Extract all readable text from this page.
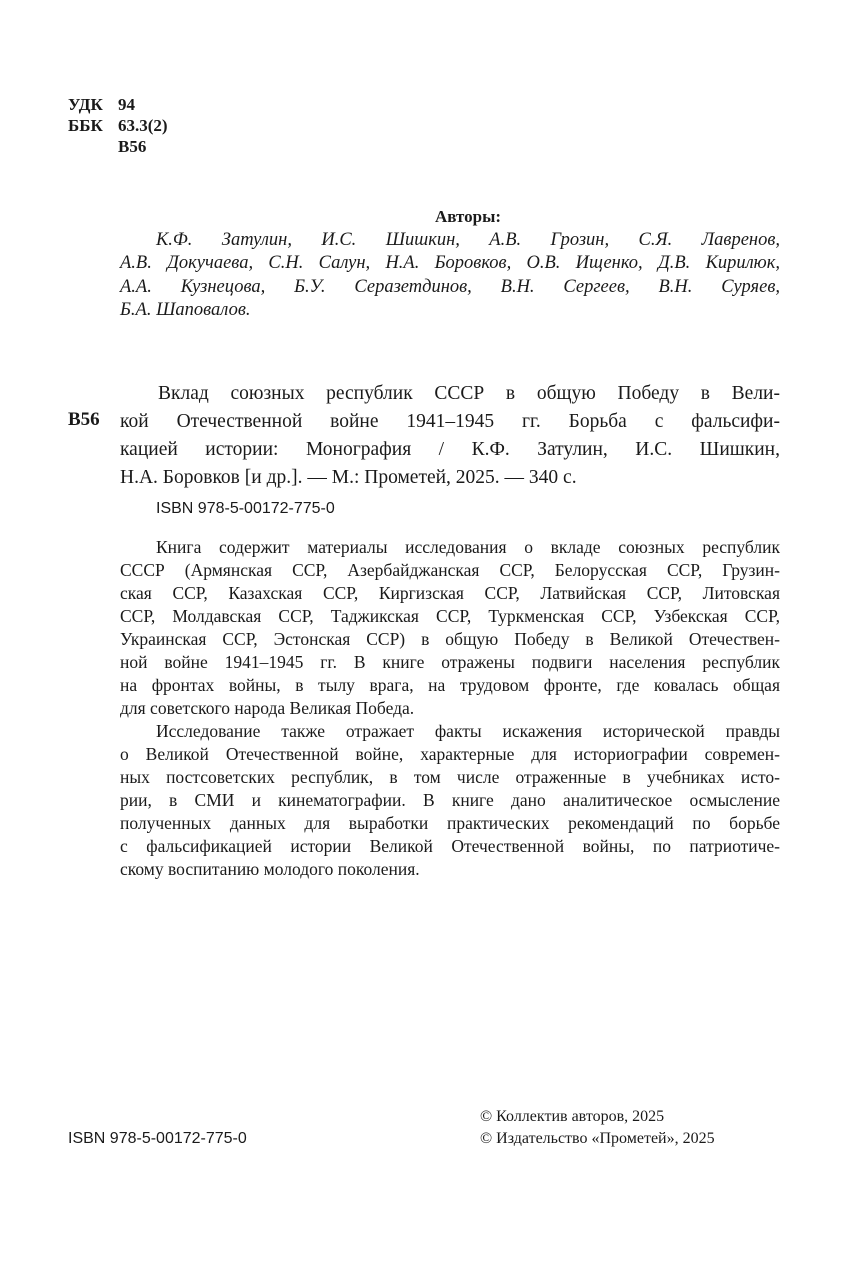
УДК 94
ББК 63.3(2)
В56
Авторы:
К.Ф. Затулин, И.С. Шишкин, А.В. Грозин, С.Я. Лавренов,
А.В. Докучаева, С.Н. Салун, Н.А. Боровков, О.В. Ищенко, Д.В. Кирилюк,
А.А. Кузнецова, Б.У. Серазетдинов, В.Н. Сергеев, В.Н. Суряев,
Б.А. Шаповалов.
В56
Вклад союзных республик СССР в общую Победу в Вели-
кой Отечественной войне 1941–1945 гг. Борьба с фальсифи-
кацией истории: Монография / К.Ф. Затулин, И.С. Шишкин,
Н.А. Боровков [и др.]. — М.: Прометей, 2025. — 340 с.
ISBN 978-5-00172-775-0
Книга содержит материалы исследования о вкладе союзных республик
СССР (Армянская ССР, Азербайджанская ССР, Белорусская ССР, Грузин-
ская ССР, Казахская ССР, Киргизская ССР, Латвийская ССР, Литовская
ССР, Молдавская ССР, Таджикская ССР, Туркменская ССР, Узбекская ССР,
Украинская ССР, Эстонская ССР) в общую Победу в Великой Отечествен-
ной войне 1941–1945 гг. В книге отражены подвиги населения республик
на фронтах войны, в тылу врага, на трудовом фронте, где ковалась общая
для советского народа Великая Победа.
Исследование также отражает факты искажения исторической правды
о Великой Отечественной войне, характерные для историографии современ-
ных постсоветских республик, в том числе отраженные в учебниках исто-
рии, в СМИ и кинематографии. В книге дано аналитическое осмысление
полученных данных для выработки практических рекомендаций по борьбе
с фальсификацией истории Великой Отечественной войны, по патриотиче-
скому воспитанию молодого поколения.
ISBN 978-5-00172-775-0
© Коллектив авторов, 2025
© Издательство «Прометей», 2025
